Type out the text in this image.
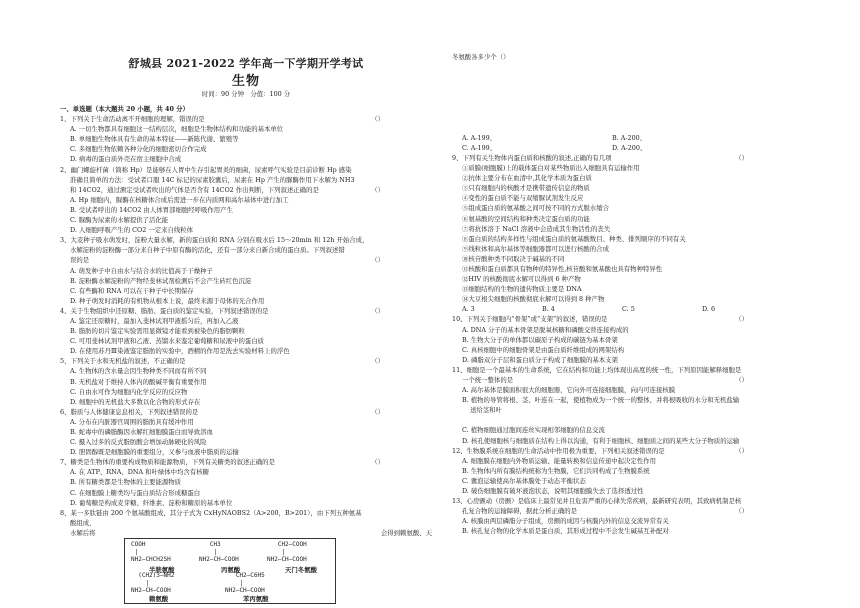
舒城县 2021-2022 学年高一下学期开学考试
生物
时间：90 分钟　分值：100 分
一、单选题（本大题共 20 小题，共 40 分）
1、下列关于生命活动离不开细胞的理解，错误的是	（）
A. 一切生物都具有细胞这一结构层次，细胞是生物体结构和功能的基本单位
B. 单细胞生物体具有生命的基本特征——新陈代谢、繁殖等
C. 多细胞生物依赖各种分化的细胞密切合作完成
D. 病毒的蛋白质外壳在宿主细胞中合成
2、幽门螺旋杆菌（简称 Hp）是能够在人胃中生存引起胃炎的细菌，尿素呼气实验是目前诊断 Hp 感染
准确且简单的方法：受试者口服 14C 标记的尿素胶囊后，尿素在 Hp 产生的脲酶作用下水解为 NH3
和 14CO2，通过测定受试者吹出的气体是否含有 14CO2 作出判断，下列叙述正确的是	（）
A. Hp 细胞内，脲酶在核糖体合成后需进一步在内质网和高尔基体中进行加工
B. 受试者呼出的 14CO2 由人体胃部细胞经呼吸作用产生
C. 脲酶为尿素的水解提供了活化能
D. 人细胞呼吸产生的 CO2 一定来自线粒体
3、大麦种子吸水萌发时，淀粉大量水解，新的蛋白质和 RNA 分别在吸水后 15～20min 和 12h 开始合成，
水解淀粉的淀粉酶一部分来自种子中原有酶的活化，还有一部分来自新合成的蛋白质。下列叙述错
误的是	（）
A. 萌发种子中自由水与结合水的比值高于干燥种子
B. 淀粉酶水解淀粉的产物经斐林试剂检测后不会产生砖红色沉淀
C. 有些酶和 RNA 可以在干种子中长期保存
D. 种子萌发时消耗的有机物从根本上说，最终来源于母体的光合作用
4、关于生物组织中还原糖、脂肪、蛋白质的鉴定实验，下列叙述错误的是	（）
A. 鉴定还原糖时，最加入斐林试剂甲液摇匀后，再加入乙液
B. 脂肪的切片鉴定实验需用显微镜才能看到被染色的脂肪颗粒
C. 可用斐林试剂甲液和乙液、蒸馏水来鉴定葡萄糖和尿液中的蛋白质
D. 在使用苏丹Ⅲ染液鉴定脂肪的实验中，酒精的作用是洗去实验材料上的浮色
5、下列关于水和无机盐的叙述，不正确的是	（）
A. 生物体的含水量会因生物种类不同而有所不同
B. 无机盐对于维持人体内的酸碱平衡有重要作用
C. 自由水可作为细胞内化学反应的反应物
D. 细胞中的无机盐大多数以化合物的形式存在
6、脂质与人体健康息息相关，下列叙述错误的是	（）
A. 分布在内脏器官周围的脂肪具有缓冲作用
B. 蛇毒中的磷脂酶因水解红细胞膜蛋白而导致溶血
C. 摄入过多的反式脂肪酸会增加动脉硬化的风险
D. 胆固醇既是细胞膜的重要组分，又参与血液中脂质的运输
7、糖类是生物体的重要构成物质和能源物质，下列有关糖类的叙述正确的是	（）
A. 在 ATP、RNA、DNA 和叶绿体中均含有核糖
B. 所有糖类都是生物体的主要能源物质
C. 在细胞膜上糖类均与蛋白质结合形成糖蛋白
D. 葡萄糖是构成麦芽糖、纤维素、淀粉和糖原的基本单位
8、某一多肽链由 200 个氨基酸组成，其分子式为 CxHyNAOBS2（A>200，B>201），由下列五种氨基
酸组成，
水解后将	会得到赖氨酸、天
COOH
|
NH2—CHCH2SH
半胱氨酸
CH3
|
NH2—CH—COOH
丙氨酸
CH2—COOH
|
NH2—CH—COOH
天门冬氨酸
(CH2)3—NH2
|
NH2—CH—COOH
赖氨酸
CH2—C6H5
|
NH2—CH—COOH
苯丙氨酸
冬氨酸各多少个（）
A. A-199、	B. A-200、
C. A-199、	D. A-200、
9、下列有关生物体内蛋白质和核酸的叙述,正确的有几项	（）
①质膜(细胞膜)上的载体蛋白对某些物质出入细胞具有运输作用
②抗体主要分布在血清中,其化学本质为蛋白质
③只有细胞内的核酸才是携带遗传信息的物质
④变性的蛋白质不能与双缩脲试剂发生反应
⑤组成蛋白质的氨基酸之间可按不同的方式脱水缩合
⑥氨基酸的空间结构和种类决定蛋白质的功能
⑦将抗体溶于 NaCl 溶液中会造成其生物活性的丧失
⑧蛋白质的结构多样性与组成蛋白质的氨基酸数目、种类、排列顺序的不同有关
⑨线粒体和高尔基体等细胞器都可以进行核酸的合成
⑩核苷酸种类不同取决于碱基的不同
⑪核酸和蛋白质都具有物种的特异性,核苷酸和氨基酸也具有物种特异性
⑫HIV 的核酸彻底水解可以得到 6 种产物
⑬细胞结构的生物的遗传物质主要是 DNA
⑭大豆根尖细胞的核酸彻底水解可以得到 8 种产物
A. 3	B. 4	C. 5	D. 6
10、下列关于细胞内“骨架”或“支架”的叙述，错误的是	（）
A. DNA 分子的基本骨架是脱氧核糖和磷酸交替连接构成的
B. 生物大分子的单体都以碳原子构成的碳链为基本骨架
C. 真核细胞中的细胞骨架是由蛋白质纤维组成的网架结构
D. 磷脂双分子层和蛋白质分子构成了细胞膜的基本支架
11、细胞是一个最基本的生命系统，它在结构和功能上均体现出高度的统一性，下列原因能解释细胞是
一个统一整体的是	（）
A. 高尔基体是膜面积很大的细胞器，它向外可连接细胞膜，向内可连接核膜
B. 植物的导管将根、茎、叶连在一起，使植物成为一个统一的整体，并将根吸收的水分和无机盐输
送给茎和叶
C. 植物细胞通过胞间连丝实现相邻细胞的信息交流
D. 核孔使细胞核与细胞质在结构上得以沟通，有利于细胞核、细胞质之间的某些大分子物质的运输
12、生物膜系统在细胞的生命活动中作用极为重要，下列相关叙述错误的是	（）
A. 细胞膜在细胞内外物质运输、能量转换和信息传递中起决定性作用
B. 生物体内所有膜结构统称为生物膜，它们共同构成了生物膜系统
C. 囊泡运输使高尔基体膜处于动态平衡状态
D. 破伤细胞膜有破坏液泡状态，说明其细胞膜失去了选择透过性
13、心房颤动（房颤）是临床上最常见并且危害严重的心律失常疾病，最新研究表明，其致病机制是核
孔复合物的运输障碍，据此分析正确的是	（）
A. 核膜由两层磷脂分子组成，房颤的成因与核膜内外的信息交流异常有关
B. 核孔复合物的化学本质是蛋白质，其形成过程中不会发生碱基互补配对
